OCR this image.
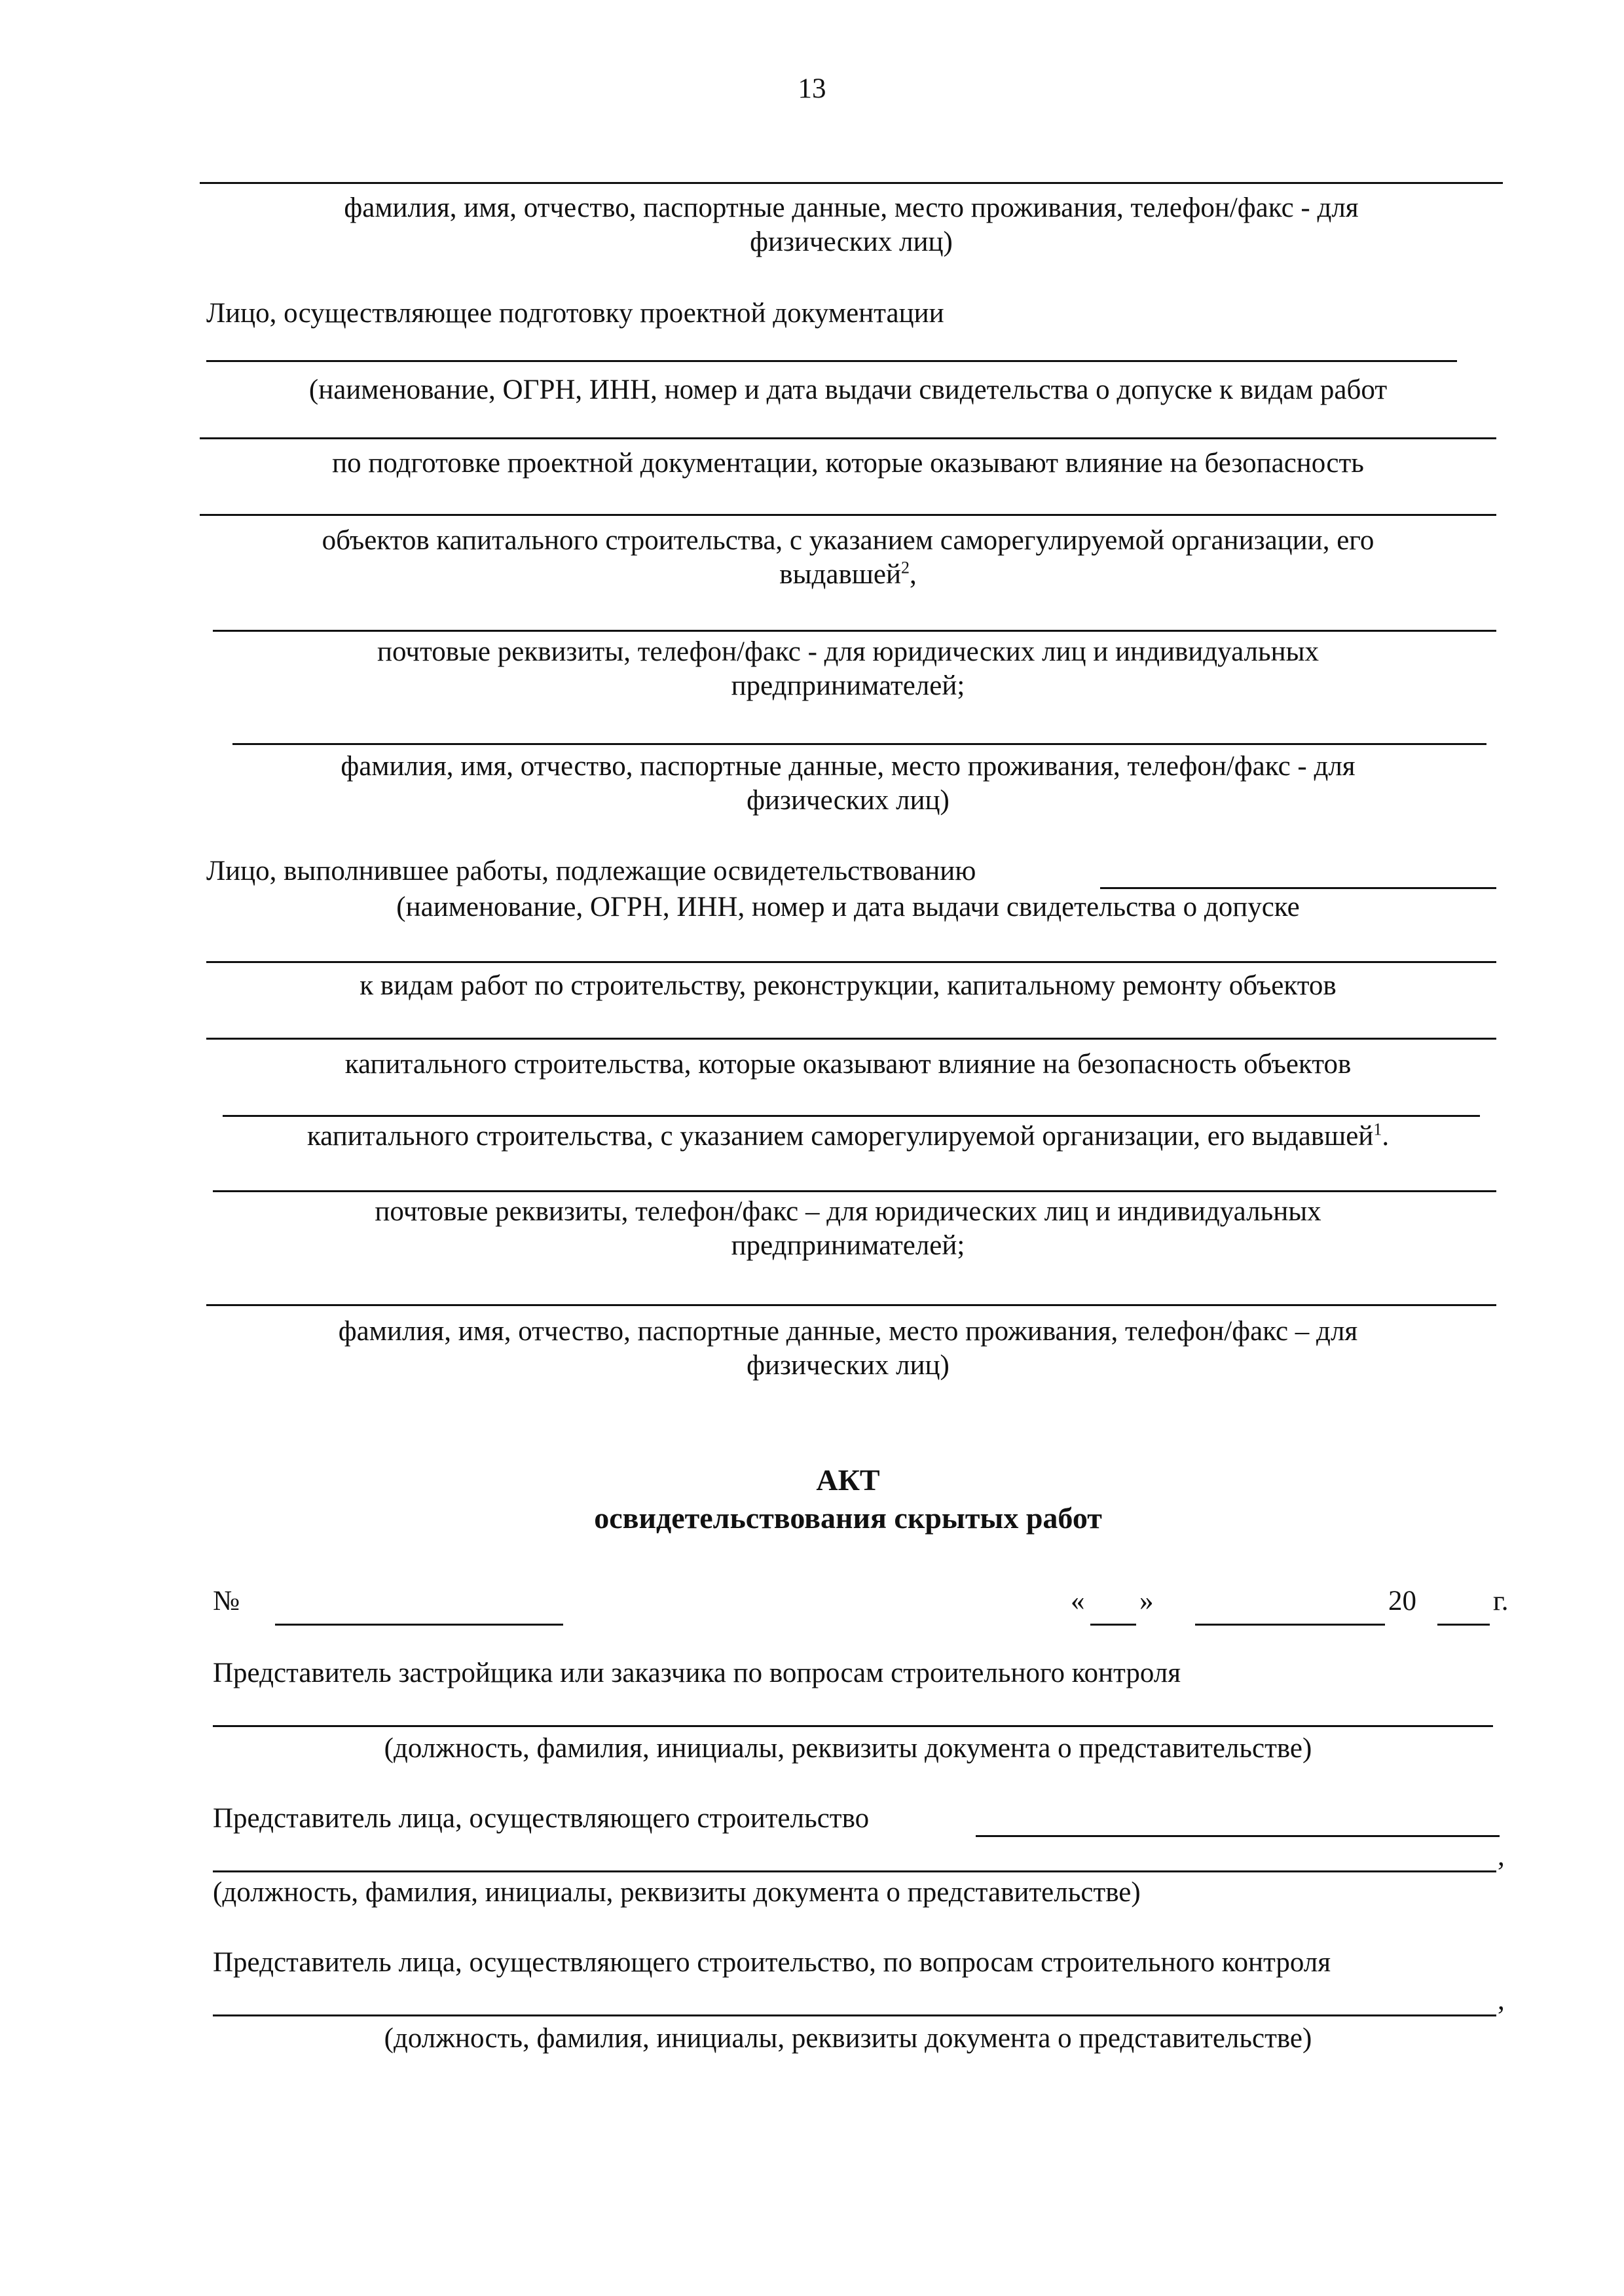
13
фамилия, имя, отчество, паспортные данные, место проживания, телефон/факс - для
физических лиц)
Лицо, осуществляющее подготовку проектной документации
(наименование, ОГРН, ИНН, номер и дата выдачи свидетельства о допуске к видам работ
по подготовке проектной документации, которые оказывают влияние на безопасность
объектов капитального строительства, с указанием саморегулируемой организации, его
выдавшей$^2$,
почтовые реквизиты, телефон/факс - для юридических лиц и индивидуальных
предпринимателей;
фамилия, имя, отчество, паспортные данные, место проживания, телефон/факс - для
физических лиц)
Лицо, выполнившее работы, подлежащие освидетельствованию
(наименование, ОГРН, ИНН, номер и дата выдачи свидетельства о допуске
к видам работ по строительству, реконструкции, капитальному ремонту объектов
капитального строительства, которые оказывают влияние на безопасность объектов
капитального строительства, с указанием саморегулируемой организации, его выдавшей$^1$.
почтовые реквизиты, телефон/факс – для юридических лиц и индивидуальных
предпринимателей;
фамилия, имя, отчество, паспортные данные, место проживания, телефон/факс – для
физических лиц)
АКТ
освидетельствования скрытых работ
№	« »	20	г.
Представитель застройщика или заказчика по вопросам строительного контроля
(должность, фамилия, инициалы, реквизиты документа о представительстве)
Представитель лица, осуществляющего строительство
,
(должность, фамилия, инициалы, реквизиты документа о представительстве)
Представитель лица, осуществляющего строительство, по вопросам строительного контроля
,
(должность, фамилия, инициалы, реквизиты документа о представительстве)
